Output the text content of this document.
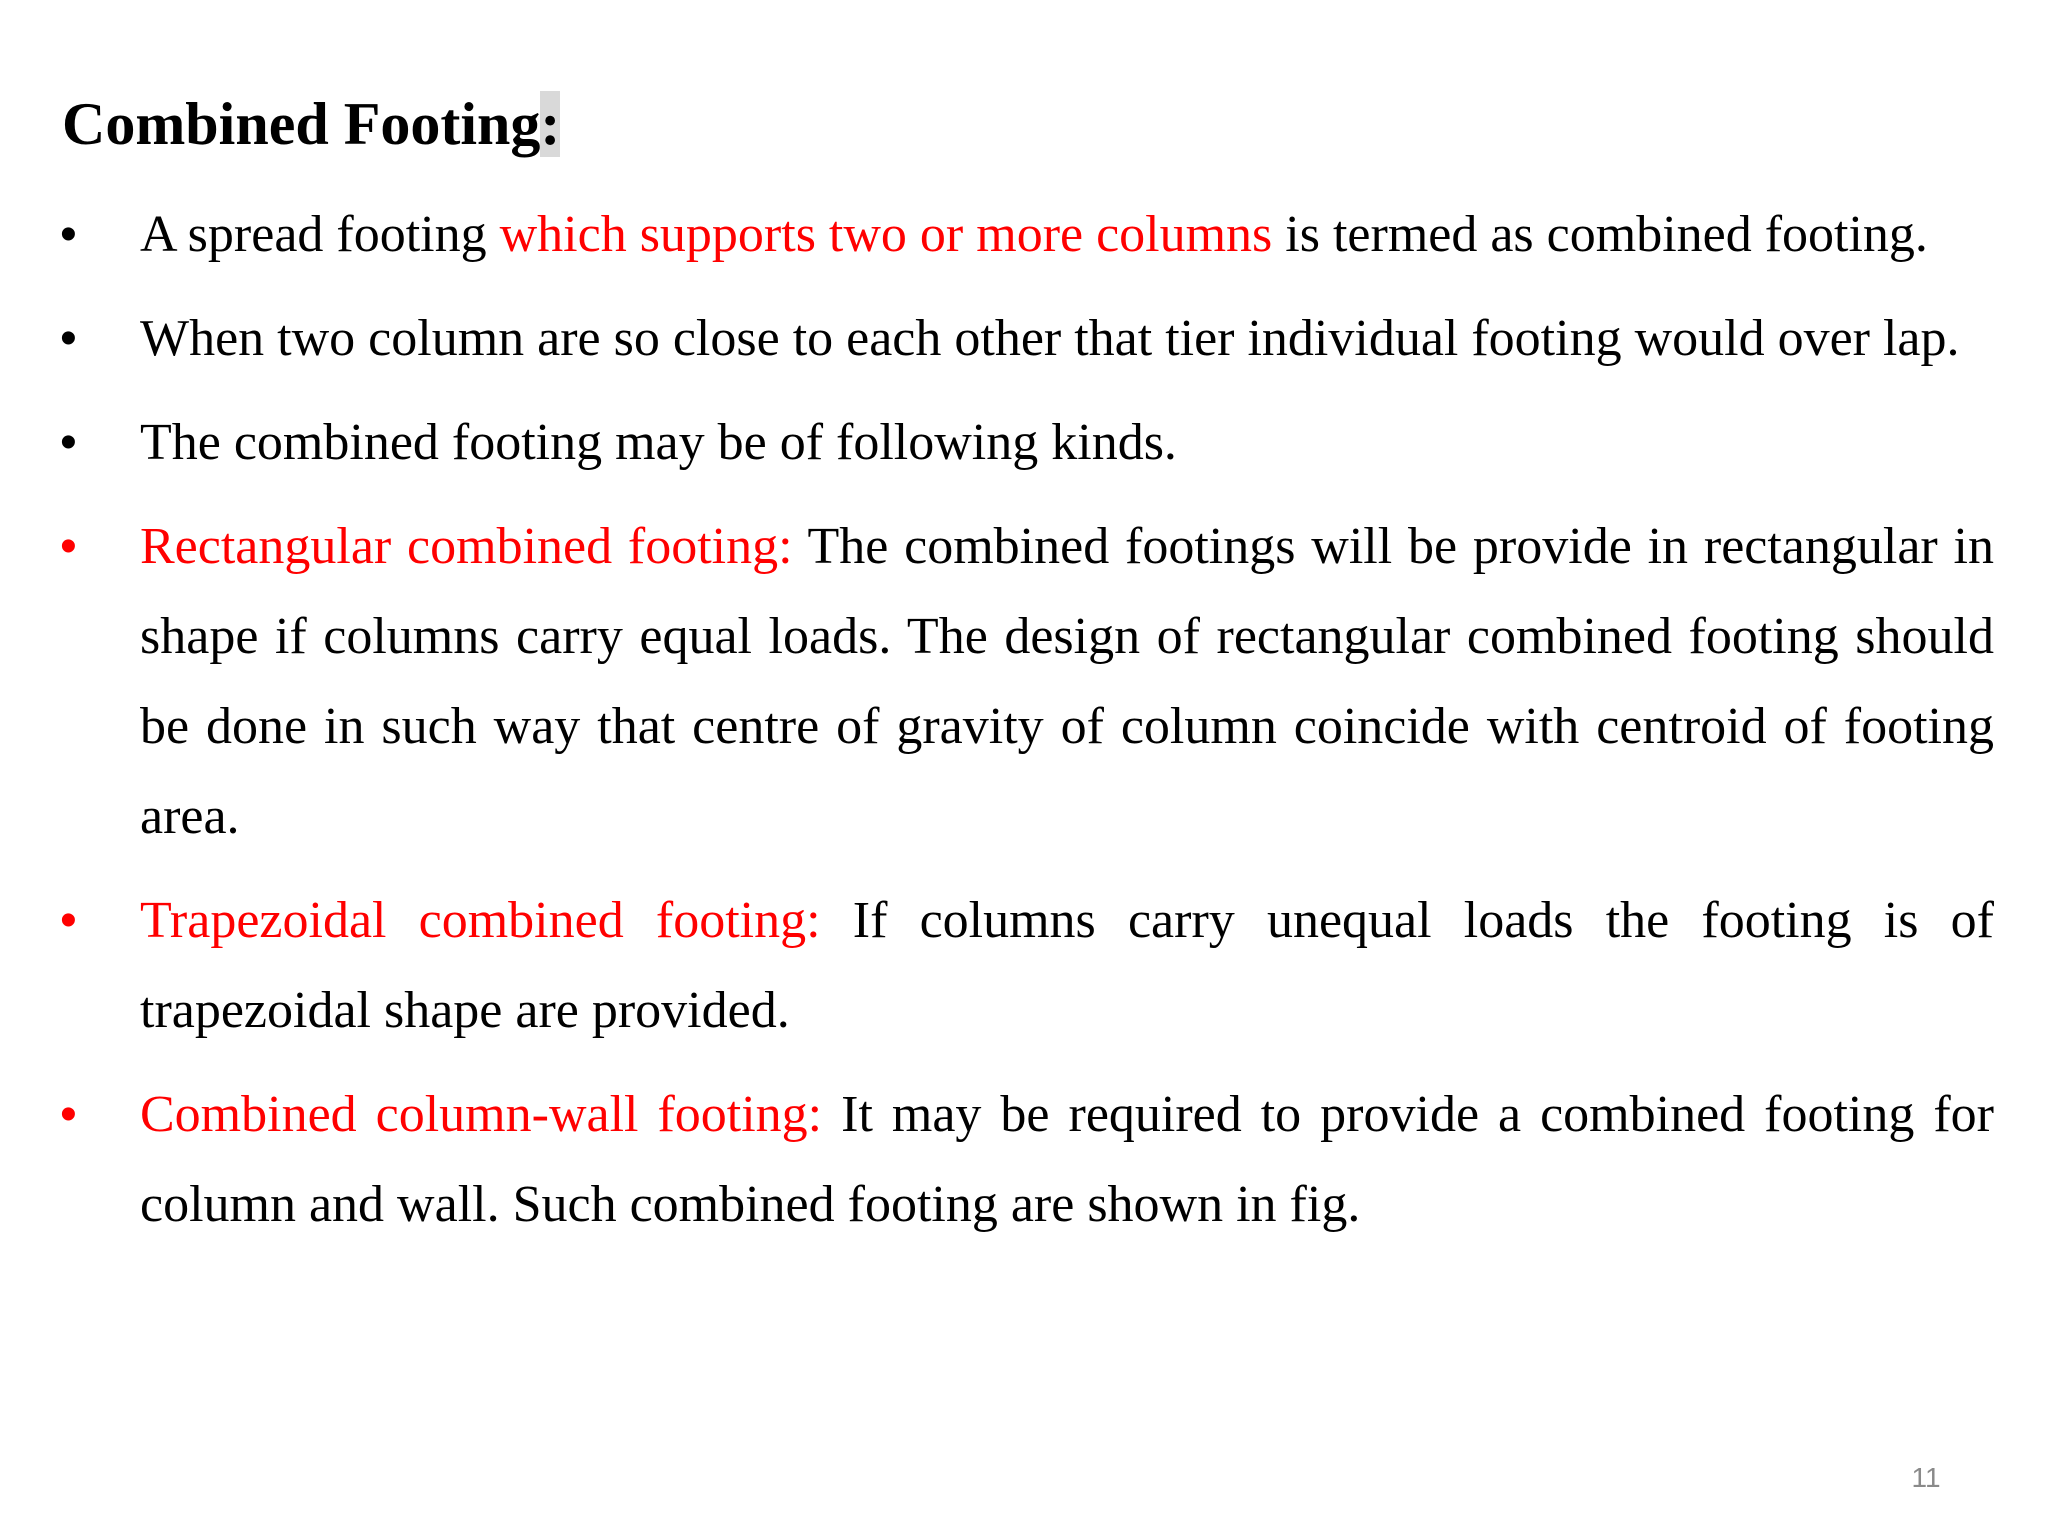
Combined Footing:
• A spread footing which supports two or more columns is termed as combined footing.
• When two column are so close to each other that tier individual footing would over lap.
• The combined footing may be of following kinds.
• Rectangular combined footing: The combined footings will be provide in rectangular in shape if columns carry equal loads. The design of rectangular combined footing should be done in such way that centre of gravity of column coincide with centroid of footing area.
• Trapezoidal combined footing: If columns carry unequal loads the footing is of trapezoidal shape are provided.
• Combined column-wall footing: It may be required to provide a combined footing for column and wall. Such combined footing are shown in fig.
11
